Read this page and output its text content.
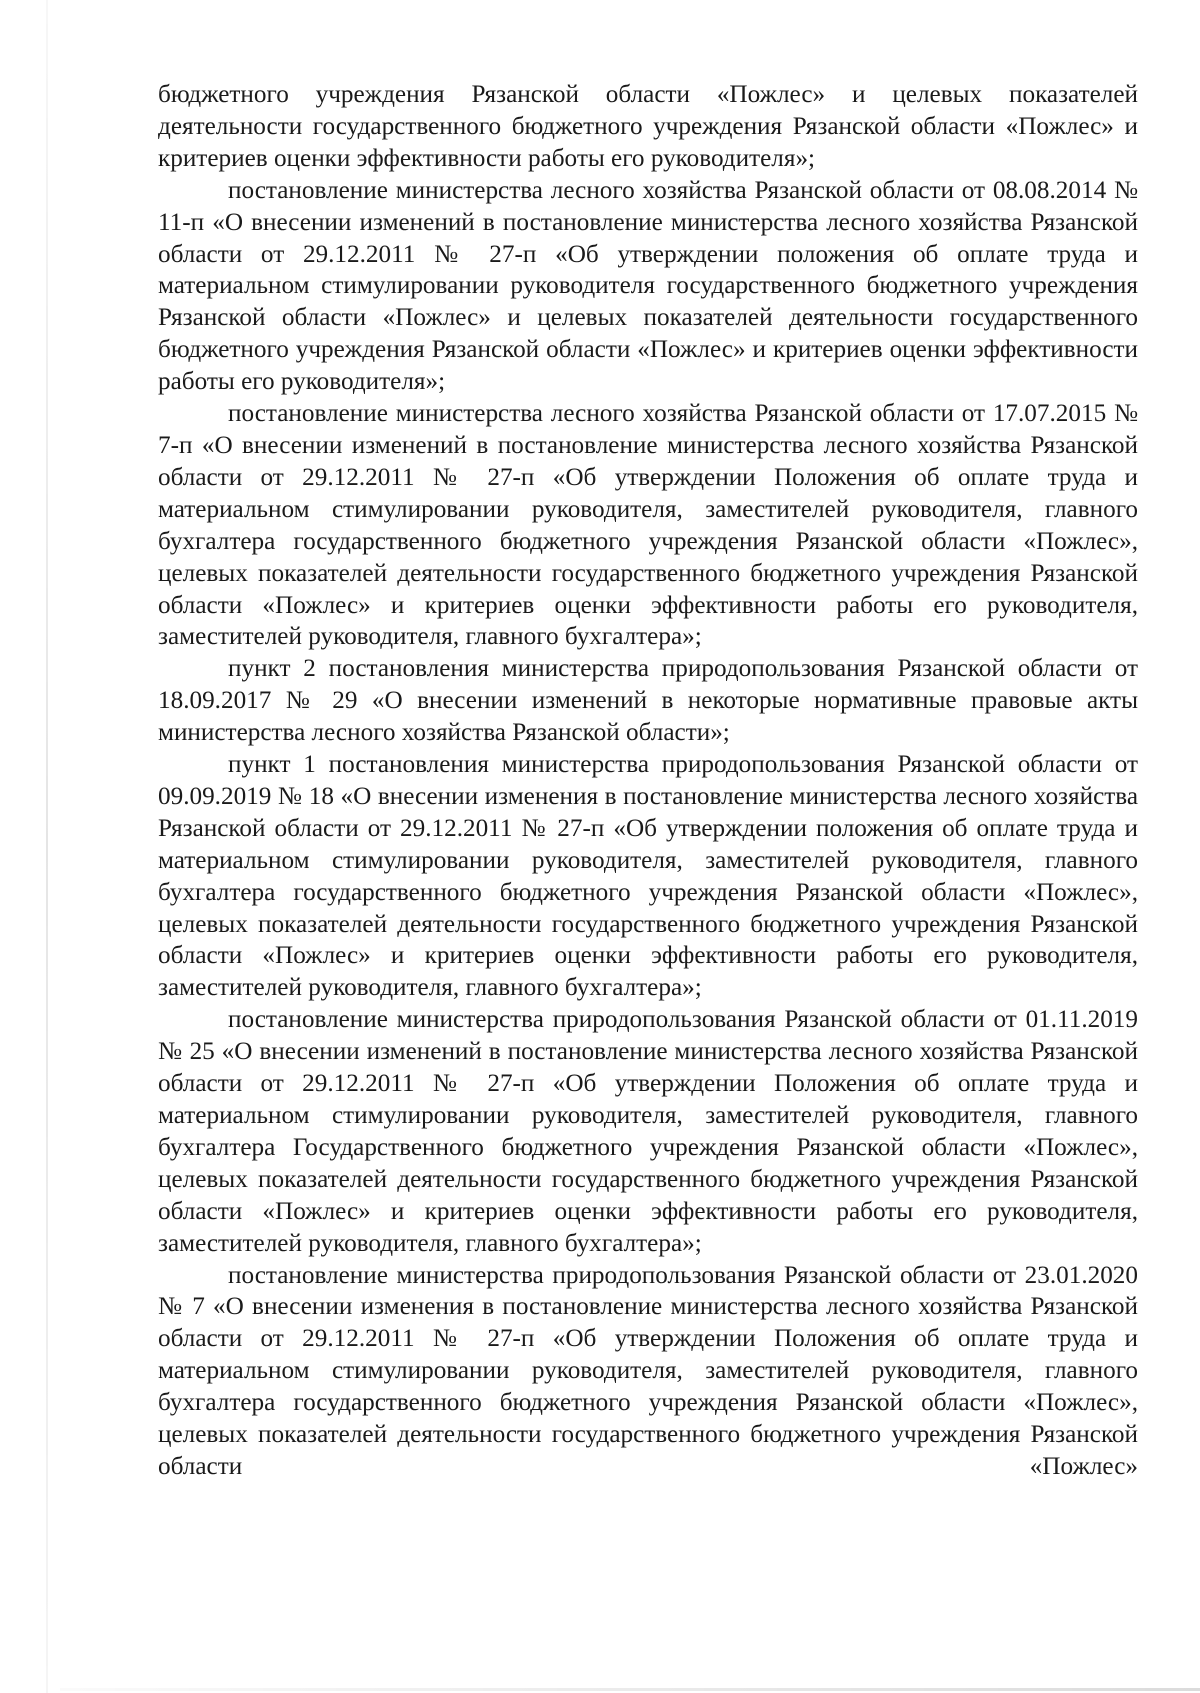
бюджетного учреждения Рязанской области «Пожлес» и целевых показателей деятельности государственного бюджетного учреждения Рязанской области «Пожлес» и критериев оценки эффективности работы его руководителя»;

постановление министерства лесного хозяйства Рязанской области от 08.08.2014 № 11-п «О внесении изменений в постановление министерства лесного хозяйства Рязанской области от 29.12.2011 № 27-п «Об утверждении положения об оплате труда и материальном стимулировании руководителя государственного бюджетного учреждения Рязанской области «Пожлес» и целевых показателей деятельности государственного бюджетного учреждения Рязанской области «Пожлес» и критериев оценки эффективности работы его руководителя»;

постановление министерства лесного хозяйства Рязанской области от 17.07.2015 № 7-п «О внесении изменений в постановление министерства лесного хозяйства Рязанской области от 29.12.2011 № 27-п «Об утверждении Положения об оплате труда и материальном стимулировании руководителя, заместителей руководителя, главного бухгалтера государственного бюджетного учреждения Рязанской области «Пожлес», целевых показателей деятельности государственного бюджетного учреждения Рязанской области «Пожлес» и критериев оценки эффективности работы его руководителя, заместителей руководителя, главного бухгалтера»;

пункт 2 постановления министерства природопользования Рязанской области от 18.09.2017 № 29 «О внесении изменений в некоторые нормативные правовые акты министерства лесного хозяйства Рязанской области»;

пункт 1 постановления министерства природопользования Рязанской области от 09.09.2019 № 18 «О внесении изменения в постановление министерства лесного хозяйства Рязанской области от 29.12.2011 № 27-п «Об утверждении положения об оплате труда и материальном стимулировании руководителя, заместителей руководителя, главного бухгалтера государственного бюджетного учреждения Рязанской области «Пожлес», целевых показателей деятельности государственного бюджетного учреждения Рязанской области «Пожлес» и критериев оценки эффективности работы его руководителя, заместителей руководителя, главного бухгалтера»;

постановление министерства природопользования Рязанской области от 01.11.2019 № 25 «О внесении изменений в постановление министерства лесного хозяйства Рязанской области от 29.12.2011 № 27-п «Об утверждении Положения об оплате труда и материальном стимулировании руководителя, заместителей руководителя, главного бухгалтера Государственного бюджетного учреждения Рязанской области «Пожлес», целевых показателей деятельности государственного бюджетного учреждения Рязанской области «Пожлес» и критериев оценки эффективности работы его руководителя, заместителей руководителя, главного бухгалтера»;

постановление министерства природопользования Рязанской области от 23.01.2020 № 7 «О внесении изменения в постановление министерства лесного хозяйства Рязанской области от 29.12.2011 № 27-п «Об утверждении Положения об оплате труда и материальном стимулировании руководителя, заместителей руководителя, главного бухгалтера государственного бюджетного учреждения Рязанской области «Пожлес», целевых показателей деятельности государственного бюджетного учреждения Рязанской области «Пожлес»
